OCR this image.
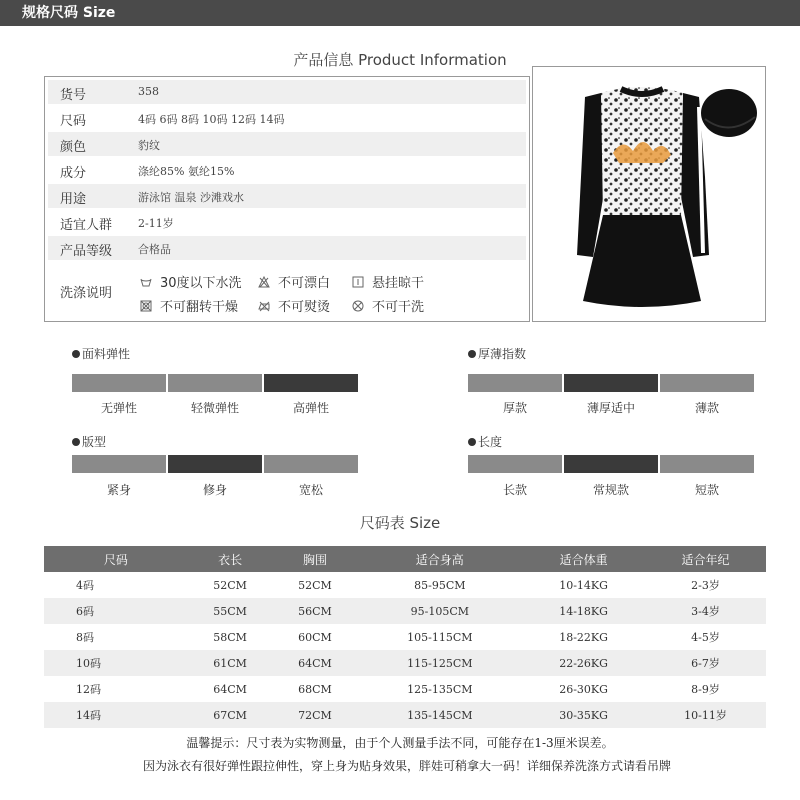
规格尺码 Size
产品信息 Product Information
货号	358
尺码	4码 6码 8码 10码 12码 14码
颜色	豹纹
成分	涤纶85% 氨纶15%
用途	游泳馆 温泉 沙滩戏水
适宜人群 2-11岁
产品等级 合格品
洗涤说明
30度以下水洗	不可漂白	悬挂晾干
不可翻转干燥	不可熨烫	不可干洗
面料弹性
无弹性	轻微弹性	高弹性
厚薄指数
厚款	薄厚适中	薄款
版型
紧身	修身	宽松
长度
长款	常规款	短款
尺码表 Size
尺码	衣长	胸围	适合身高	适合体重	适合年纪
4码	52CM	52CM	85-95CM	10-14KG	2-3岁
6码	55CM	56CM	95-105CM	14-18KG	3-4岁
8码	58CM	60CM	105-115CM	18-22KG	4-5岁
10码	61CM	64CM	115-125CM	22-26KG	6-7岁
12码	64CM	68CM	125-135CM	26-30KG	8-9岁
14码	67CM	72CM	135-145CM	30-35KG	10-11岁
温馨提示：尺寸表为实物测量，由于个人测量手法不同，可能存在1-3厘米误差。
因为泳衣有很好弹性跟拉伸性，穿上身为贴身效果，胖娃可稍拿大一码！详细保养洗涤方式请看吊牌
